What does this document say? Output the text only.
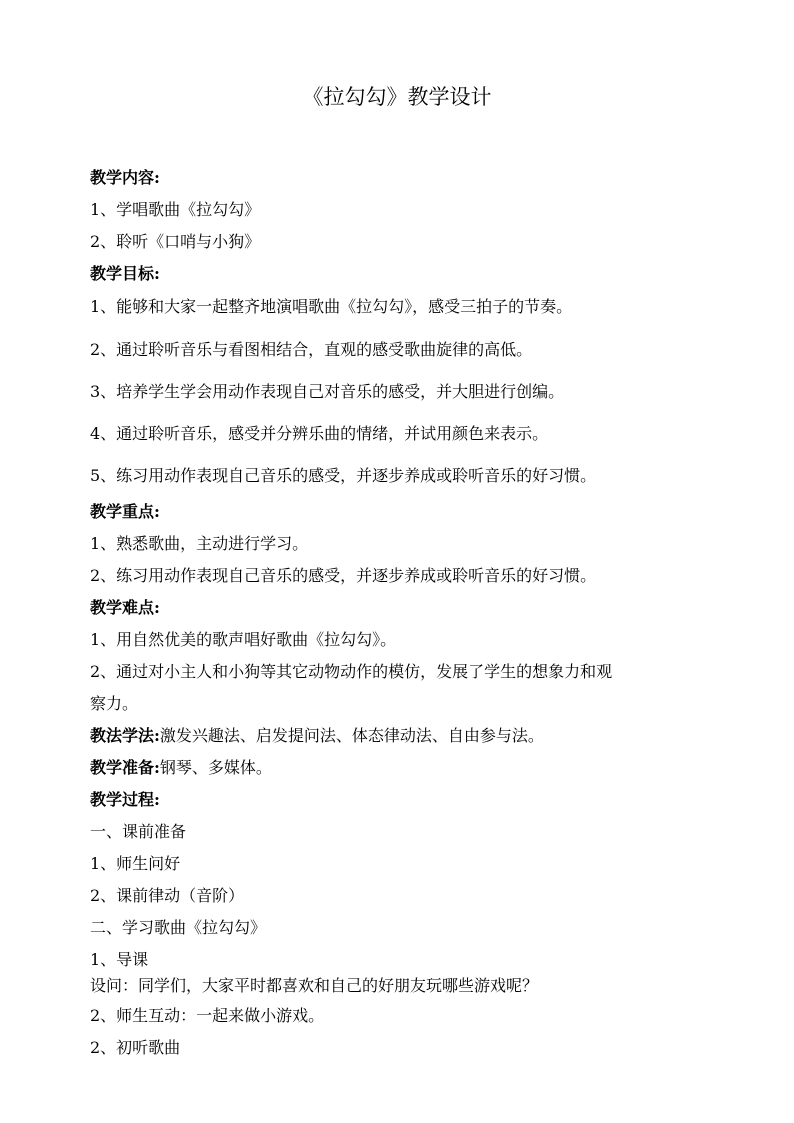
《拉勾勾》教学设计
教学内容:
1、学唱歌曲《拉勾勾》
2、聆听《口哨与小狗》
教学目标:
1、能够和大家一起整齐地演唱歌曲《拉勾勾》，感受三拍子的节奏。
2、通过聆听音乐与看图相结合，直观的感受歌曲旋律的高低。
3、培养学生学会用动作表现自己对音乐的感受，并大胆进行创编。
4、通过聆听音乐，感受并分辨乐曲的情绪，并试用颜色来表示。
5、练习用动作表现自己音乐的感受，并逐步养成或聆听音乐的好习惯。
教学重点:
1、熟悉歌曲，主动进行学习。
2、练习用动作表现自己音乐的感受，并逐步养成或聆听音乐的好习惯。
教学难点:
1、用自然优美的歌声唱好歌曲《拉勾勾》。
2、通过对小主人和小狗等其它动物动作的模仿，发展了学生的想象力和观
察力。
教法学法:激发兴趣法、启发提问法、体态律动法、自由参与法。
教学准备:钢琴、多媒体。
教学过程:
一、课前准备
1、师生问好
2、课前律动（音阶）
二、学习歌曲《拉勾勾》
1、导课
设问：同学们，大家平时都喜欢和自己的好朋友玩哪些游戏呢？
2、师生互动：一起来做小游戏。
2、初听歌曲
